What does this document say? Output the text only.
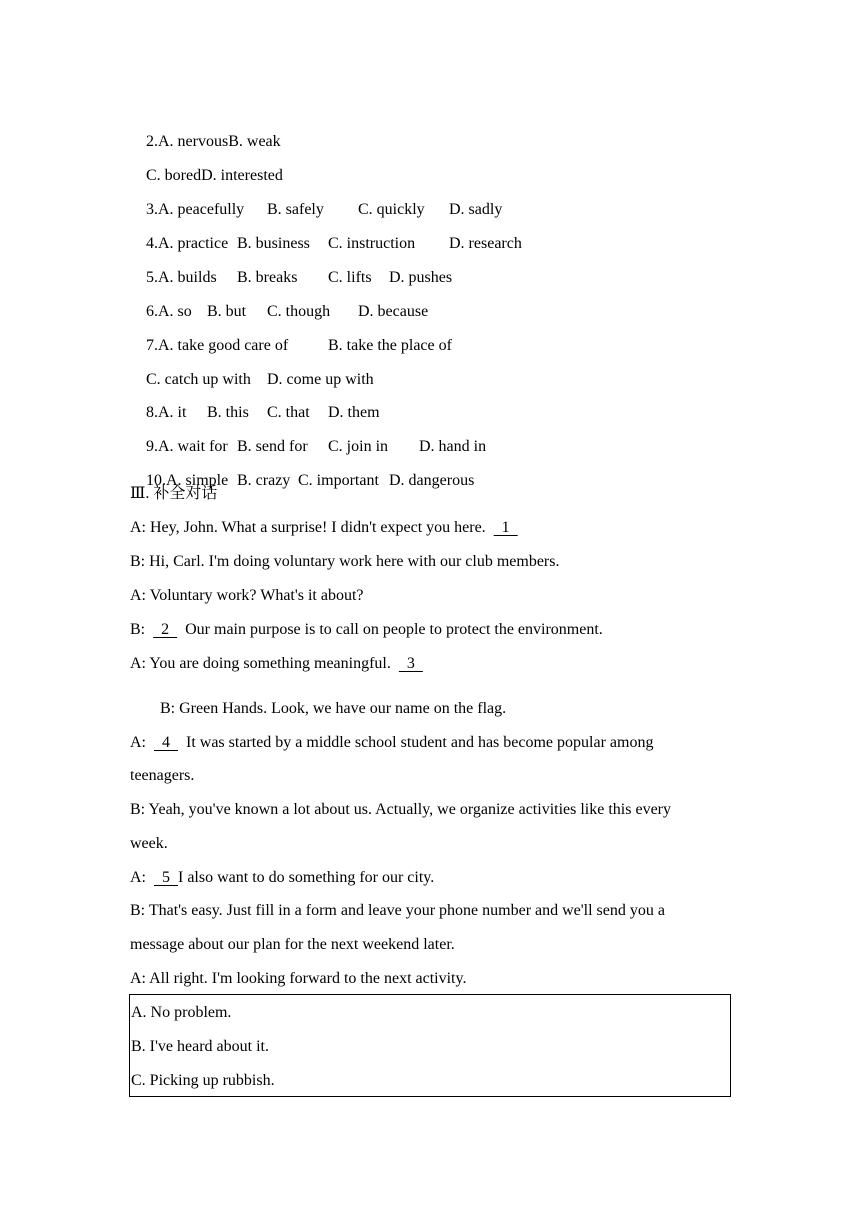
2.A. nervousB. weak

C. boredD. interested

3.A. peacefully B. safely C. quickly D. sadly

4.A. practice B. business C. instruction D. research

5.A. builds B. breaks C. lifts D. pushes

6.A. so B. but C. though D. because

7.A. take good care of B. take the place of

C. catch up with D. come up with

8.A. it B. this C. that D. them

9.A. wait for B. send for C. join in D. hand in

10.A. simple B. crazy C. important D. dangerous

Ⅲ. 补全对话
A: Hey, John. What a surprise! I didn't expect you here.    1
B: Hi, Carl. I'm doing voluntary work here with our club members.
A: Voluntary work? What's it about?
B:    2    Our main purpose is to call on people to protect the environment.
A: You are doing something meaningful.    3
B: Green Hands. Look, we have our name on the flag.
A:    4    It was started by a middle school student and has become popular among
teenagers.
B: Yeah, you've known a lot about us. Actually, we organize activities like this every
week.
A:    5  I also want to do something for our city.
B: That's easy. Just fill in a form and leave your phone number and we'll send you a
message about our plan for the next weekend later.
A: All right. I'm looking forward to the next activity.
A. No problem.
B. I've heard about it.
C. Picking up rubbish.
